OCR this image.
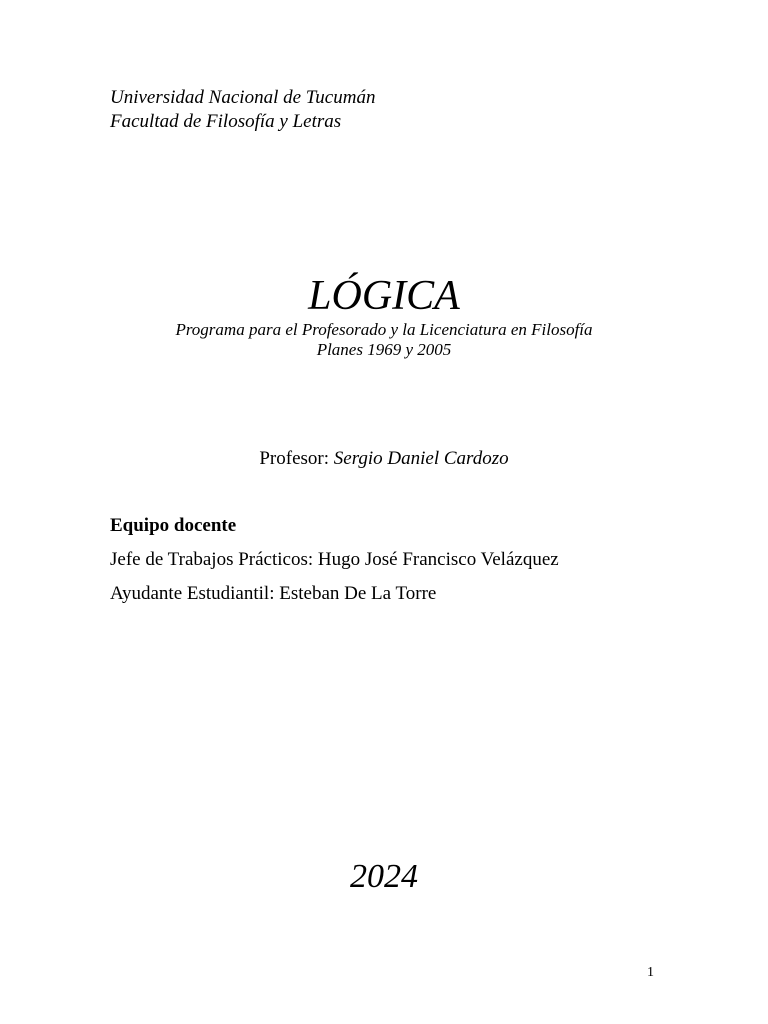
Universidad Nacional de Tucumán
Facultad de Filosofía y Letras
LÓGICA
Programa para el Profesorado y la Licenciatura en Filosofía
Planes 1969 y 2005
Profesor: Sergio Daniel Cardozo
Equipo docente
Jefe de Trabajos Prácticos: Hugo José Francisco Velázquez
Ayudante Estudiantil: Esteban De La Torre
2024
1
